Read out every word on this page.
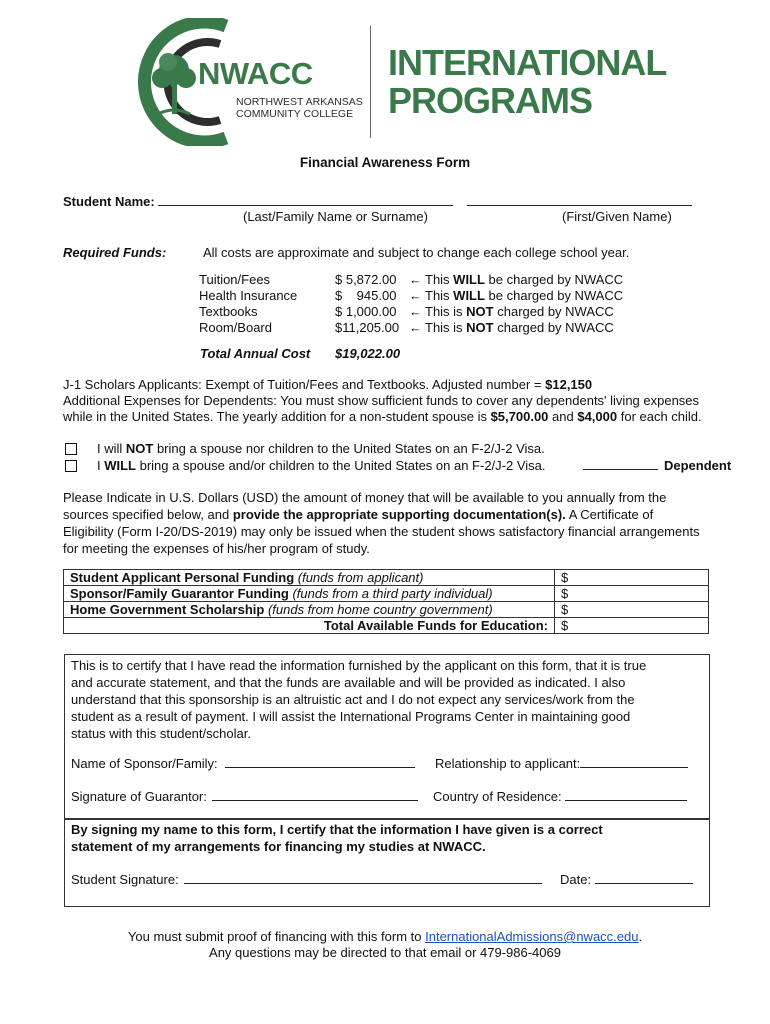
NWACC
NORTHWEST ARKANSAS
COMMUNITY COLLEGE
INTERNATIONAL
PROGRAMS
Financial Awareness Form
Student Name:
(Last/Family Name or Surname)	(First/Given Name)
Required Funds:	All costs are approximate and subject to change each college school year.
Tuition/Fees	$ 5,872.00 ← This WILL be charged by NWACC
Health Insurance	$    945.00 ← This WILL be charged by NWACC
Textbooks	$ 1,000.00 ← This is NOT charged by NWACC
Room/Board	$11,205.00 ← This is NOT charged by NWACC
Total Annual Cost $19,022.00
J-1 Scholars Applicants: Exempt of Tuition/Fees and Textbooks. Adjusted number = $12,150
Additional Expenses for Dependents: You must show sufficient funds to cover any dependents' living expenses
while in the United States. The yearly addition for a non-student spouse is $5,700.00 and $4,000 for each child.
I will NOT bring a spouse nor children to the United States on an F-2/J-2 Visa.
I WILL bring a spouse and/or children to the United States on an F-2/J-2 Visa.	Dependent
Please Indicate in U.S. Dollars (USD) the amount of money that will be available to you annually from the
sources specified below, and provide the appropriate supporting documentation(s). A Certificate of
Eligibility (Form I-20/DS-2019) may only be issued when the student shows satisfactory financial arrangements
for meeting the expenses of his/her program of study.
Student Applicant Personal Funding (funds from applicant)	$
Sponsor/Family Guarantor Funding (funds from a third party individual)	$
Home Government Scholarship (funds from home country government)	$
Total Available Funds for Education:	$
This is to certify that I have read the information furnished by the applicant on this form, that it is true
and accurate statement, and that the funds are available and will be provided as indicated. I also
understand that this sponsorship is an altruistic act and I do not expect any services/work from the
student as a result of payment. I will assist the International Programs Center in maintaining good
status with this student/scholar.
Name of Sponsor/Family:	Relationship to applicant:
Signature of Guarantor:	Country of Residence:
By signing my name to this form, I certify that the information I have given is a correct
statement of my arrangements for financing my studies at NWACC.
Student Signature:	Date:
You must submit proof of financing with this form to InternationalAdmissions@nwacc.edu.
Any questions may be directed to that email or 479-986-4069
